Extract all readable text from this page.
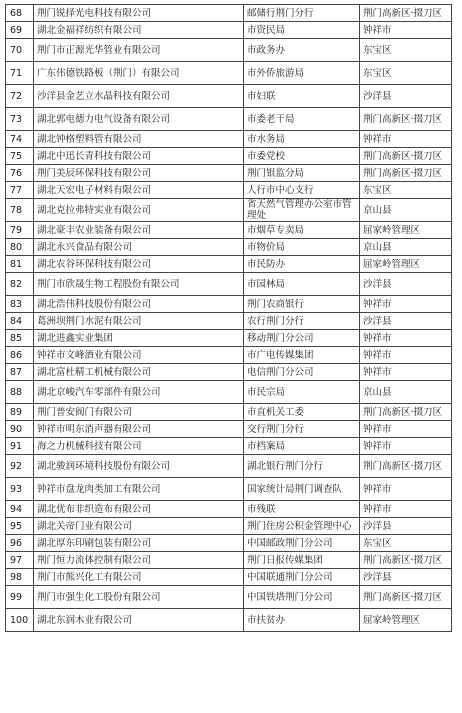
68	荆门锐择光电科技有限公司	邮储行荆门分行	荆门高新区·掇刀区
69	湖北金福祥纺织有限公司	市资民局	钟祥市
70	荆门市正源光华管业有限公司	市政务办	东宝区
71	广东伟德铁路板（荆门）有限公司	市外侨旅游局	东宝区
72	沙洋县金艺立水晶科技有限公司	市妇联	沙洋县
73	湖北郭电德力电气设备有限公司	市委老干局	荆门高新区·掇刀区
74	湖北钟格塑料管有限公司	市水务局	钟祥市
75	湖北中迅长青科技有限公司	市委党校	荆门高新区·掇刀区
76	荆门美辰环保科技有限公司	荆门银监分局	荆门高新区·掇刀区
77	湖北天宏电子材料有限公司	人行市中心支行	东宝区
78	湖北克拉弗特实业有限公司	省天然气管理办公室市管理处	京山县
79	湖北豪丰农业装备有限公司	市烟草专卖局	屈家岭管理区
80	湖北永兴食品有限公司	市物价局	京山县
81	湖北农谷环保科技有限公司	市民防办	屈家岭管理区
82	荆门市欣晟生物工程股份有限公司	市园林局	沙洋县
83	湖北浩伟科技股份有限公司	荆门农商银行	钟祥市
84	葛洲坝荆门水泥有限公司	农行荆门分行	沙洋县
85	湖北进鑫实业集团	移动荆门分公司	钟祥市
86	钟祥市文峰酒业有限公司	市广电传媒集团	钟祥市
87	湖北富杜精工机械有限公司	电信荆门分公司	钟祥市
88	湖北京峻汽车零部件有限公司	市民宗局	京山县
89	荆门普安阀门有限公司	市直机关工委	荆门高新区·掇刀区
90	钟祥市明东消声器有限公司	交行荆门分行	钟祥市
91	海之力机械科技有限公司	市档案局	钟祥市
92	湖北骏润环境科技股份有限公司	湖北银行荆门分行	荆门高新区·掇刀区
93	钟祥市盘龙肉类加工有限公司	国家统计局荆门调查队	钟祥市
94	湖北优布非织造布有限公司	市残联	钟祥市
95	湖北关帝门业有限公司	荆门住房公积金管理中心	沙洋县
96	湖北厚东印刷包装有限公司	中国邮政荆门分公司	东宝区
97	荆门恒力流体控制有限公司	荆门日报传媒集团	荆门高新区·掇刀区
98	荆门市熊兴化工有限公司	中国联通荆门分公司	沙洋县
99	荆门市强生化工股份有限公司	中国铁塔荆门分公司	荆门高新区·掇刀区
100	湖北东润木业有限公司	市扶贫办	屈家岭管理区
